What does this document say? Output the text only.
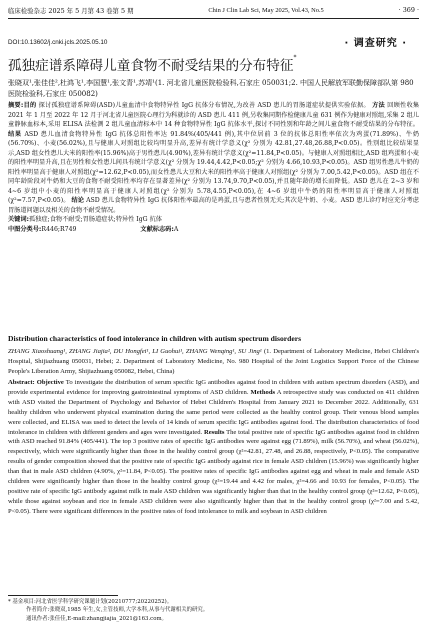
临床检验杂志 2025 年 5 月第 43 卷第 5 期	Chin J Clin Lab Sci, May 2025, Vol.43, No.5	· 369 ·
· 调查研究 ·
DOI:10.13602/j.cnki.jcls.2025.05.10
孤独症谱系障碍儿童食物不耐受结果的分布特征*
张晓双¹,张佳佳²,杜鸿飞¹,李国慧¹,张文青¹,苏靖¹(1. 河北省儿童医院检验科,石家庄 050031;2. 中国人民解放军联勤保障部队第 980 医院检验科,石家庄 050082)
摘要:目的 探讨孤独症谱系障碍(ASD)儿童血清中食物特异性 IgG 抗体分布情况,为改善 ASD 患儿的胃肠道症状提供实验依据。 方法 回顾性收集 2021 年 1 月至 2022 年 12 月于河北省儿童医院心理行为科就诊的 ASD 患儿 411 例,另收集同期作检健康儿童 631 例作为健康对照组,采集 2 组儿童静脉血标本,采用 ELISA 法检测 2 组儿童血清标本中 14 种食物特异性 IgG 抗体水平,探讨不同性别和年龄之间儿童食物不耐受结果的分布特征。 结果 ASD 患儿血清食物特异性 IgG 抗体总阳性率达 91.84%(405/441 例),其中位居前 3 位的抗体总阳性率依次为鸡蛋(71.89%)、牛奶(56.70%)、小麦(56.02%),且与健康人对照组比较均明显升高,差异有统计学意义(χ² 分别为 42.81,27.48,26.88,P<0.05)。性别组比较结果显示,ASD 组女性患儿大米的阳性率(15.96%)高于男性患儿(4.90%),差异有统计学意义(χ²=11.84,P<0.05)。与健康人对照组相比,ASD 组鸡蛋和小麦的阳性率明显升高,且在男性和女性患儿间具有统计学意义(χ² 分别为 19.44,4.42,P<0.05;χ² 分别为 4.66,10.93,P<0.05)。ASD 组男性患儿牛奶的阳性率明显高于健康人对照组(χ²=12.62,P<0.05),而女性患儿大豆和大米的阳性率高于健康人对照组(χ² 分别为 7.00,5.42,P<0.05)。ASD 组在不同年龄阶段对牛奶和大豆的食物不耐受阳性率均存在显著差异(χ² 分别为 13.74,9.70,P<0.05),并且随年龄的增长而降低。ASD 患儿在 2~3 岁和 4~6 岁组中小麦的阳性率明显高于健康人对照组(χ² 分别为 5.78,4.55,P<0.05),在 4~6 岁组中牛奶的阳性率明显高于健康人对照组(χ²=7.57,P<0.05)。 结论 ASD 患儿食物特异性 IgG 抗体阳性率最高的是鸡蛋,且与患者性别无关;其次是牛奶、小麦。ASD 患儿诊疗时应充分考虑胃肠道问题以及相关的食物不耐受情况。
关键词:孤独症;食物不耐受;胃肠道症状;特异性 IgG 抗体
中图分类号:R446;R749	文献标志码:A
Distribution characteristics of food intolerance in children with autism spectrum disorders
ZHANG Xiaoshuang¹, ZHANG Jiajia², DU Hongfei¹, LI Guohui¹, ZHANG Wenqing¹, SU Jing¹ (1. Department of Laboratory Medicine, Hebei Children's Hospital, Shijiazhuang 050031, Hebei; 2. Department of Laboratory Medicine, No. 980 Hospital of the Joint Logistics Support Force of the Chinese People's Liberation Army, Shijiazhuang 050082, Hebei, China)
Abstract: Objective To investigate the distribution of serum specific IgG antibodies against food in children with autism spectrum disorders (ASD), and provide experimental evidence for improving gastrointestinal symptoms of ASD children. Methods A retrospective study was conducted on 411 children with ASD visited the Department of Psychology and Behavior of Hebei Children's Hospital from January 2021 to December 2022. Additionally, 631 healthy children who underwent physical examination during the same period were collected as the healthy control group. Their venous blood samples were collected, and ELISA was used to detect the levels of 14 kinds of serum specific IgG antibodies against food. The distribution characteristics of food intolerance in children with different genders and ages were investigated. Results The total positive rate of specific IgG antibodies against food in children with ASD reached 91.84% (405/441). The top 3 positive rates of specific IgG antibodies were against egg (71.89%), milk (56.70%), and wheat (56.02%), respectively, which were significantly higher than those in the healthy control group (χ²=42.81, 27.48, and 26.88, respectively, P<0.05). The comparative results of gender composition showed that the positive rate of specific IgG antibody against rice in female ASD children (15.96%) was significantly higher than that in male ASD children (4.90%, χ²=11.84, P<0.05). The positive rates of specific IgG antibodies against egg and wheat in male and female ASD children were significantly higher than those in the healthy control group (χ²=19.44 and 4.42 for males, χ²=4.66 and 10.93 for females, P<0.05). The positive rate of specific IgG antibody against milk in male ASD children was significantly higher than that in the healthy control group (χ²=12.62, P<0.05), while those against soybean and rice in female ASD children were also significantly higher than that in the healthy control group (χ²=7.00 and 5.42, P<0.05). There were significant differences in the positive rates of food intolerance to milk and soybean in ASD children
* 基金项目:河北省医学科学研究课题计划(20210777;20220252)。
作者简介:张晓双,1985 年生,女,主管技师,大学本科,从事与代谢相关的研究。
通讯作者:张佳佳,E-mail:zhangjiajia_2021@163.com。
